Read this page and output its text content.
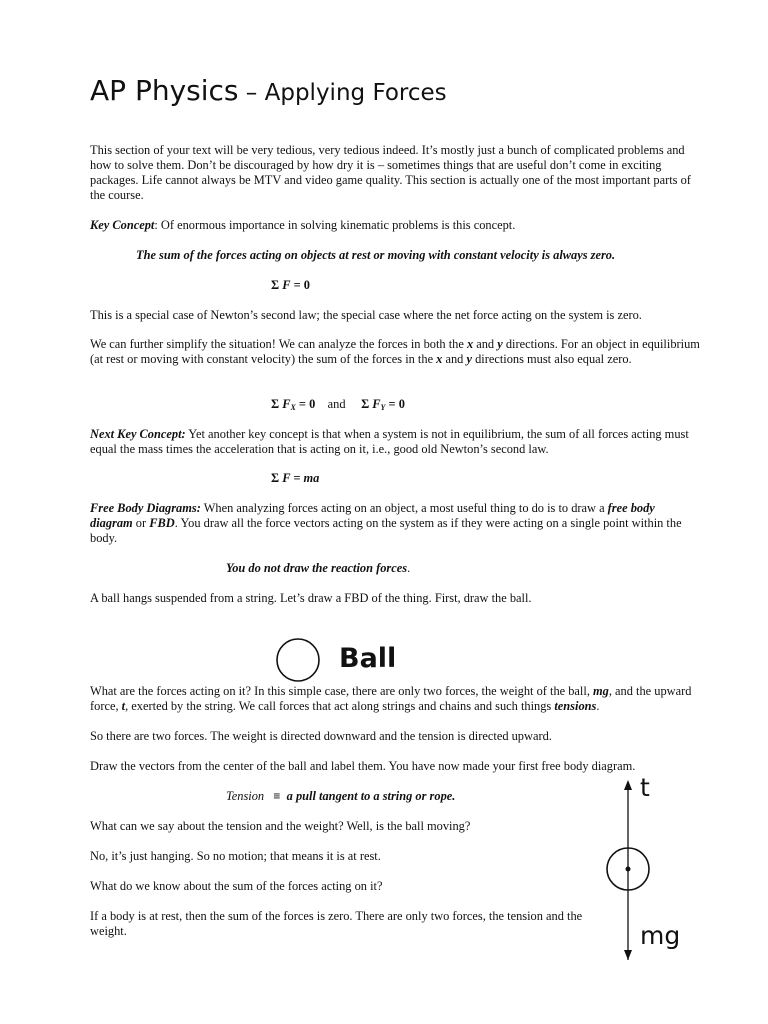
AP Physics – Applying Forces

This section of your text will be very tedious, very tedious indeed. It’s mostly just a bunch of complicated problems and how to solve them. Don’t be discouraged by how dry it is – sometimes things that are useful don’t come in exciting packages. Life cannot always be MTV and video game quality. This section is actually one of the most important parts of the course.

Key Concept: Of enormous importance in solving kinematic problems is this concept.

The sum of the forces acting on objects at rest or moving with constant velocity is always zero.

Σ F = 0

This is a special case of Newton’s second law; the special case where the net force acting on the system is zero.

We can further simplify the situation! We can analyze the forces in both the x and y directions. For an object in equilibrium (at rest or moving with constant velocity) the sum of the forces in the x and y directions must also equal zero.

Σ FX = 0 and Σ FY = 0

Next Key Concept: Yet another key concept is that when a system is not in equilibrium, the sum of all forces acting must equal the mass times the acceleration that is acting on it, i.e., good old Newton’s second law.

Σ F = ma

Free Body Diagrams: When analyzing forces acting on an object, a most useful thing to do is to draw a free body diagram or FBD. You draw all the force vectors acting on the system as if they were acting on a single point within the body.

You do not draw the reaction forces.

A ball hangs suspended from a string. Let’s draw a FBD of the thing. First, draw the ball.

Ball

What are the forces acting on it? In this simple case, there are only two forces, the weight of the ball, mg, and the upward force, t, exerted by the string. We call forces that act along strings and chains and such things tensions.

So there are two forces. The weight is directed downward and the tension is directed upward.

Draw the vectors from the center of the ball and label them. You have now made your first free body diagram.

Tension ≡ a pull tangent to a string or rope.

What can we say about the tension and the weight? Well, is the ball moving?

No, it’s just hanging. So no motion; that means it is at rest.

What do we know about the sum of the forces acting on it?

If a body is at rest, then the sum of the forces is zero. There are only two forces, the tension and the weight.

t
mg
